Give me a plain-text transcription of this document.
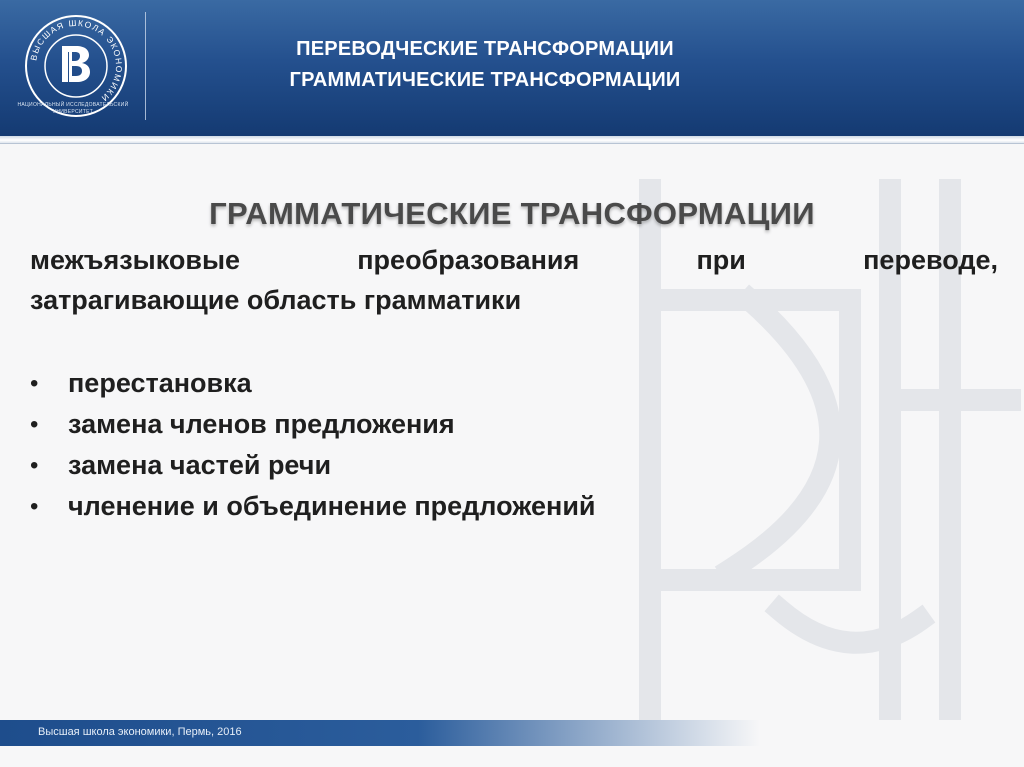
ВЫСШАЯ ШКОЛА ЭКОНОМИКИ
НАЦИОНАЛЬНЫЙ ИССЛЕДОВАТЕЛЬСКИЙ
УНИВЕРСИТЕТ
ПЕРЕВОДЧЕСКИЕ ТРАНСФОРМАЦИИ
ГРАММАТИЧЕСКИЕ ТРАНСФОРМАЦИИ
ГРАММАТИЧЕСКИЕ ТРАНСФОРМАЦИИ
межъязыковые	преобразования	при	переводе,
затрагивающие область грамматики
• перестановка
• замена членов предложения
• замена частей речи
• членение и объединение предложений
Высшая школа экономики, Пермь, 2016
